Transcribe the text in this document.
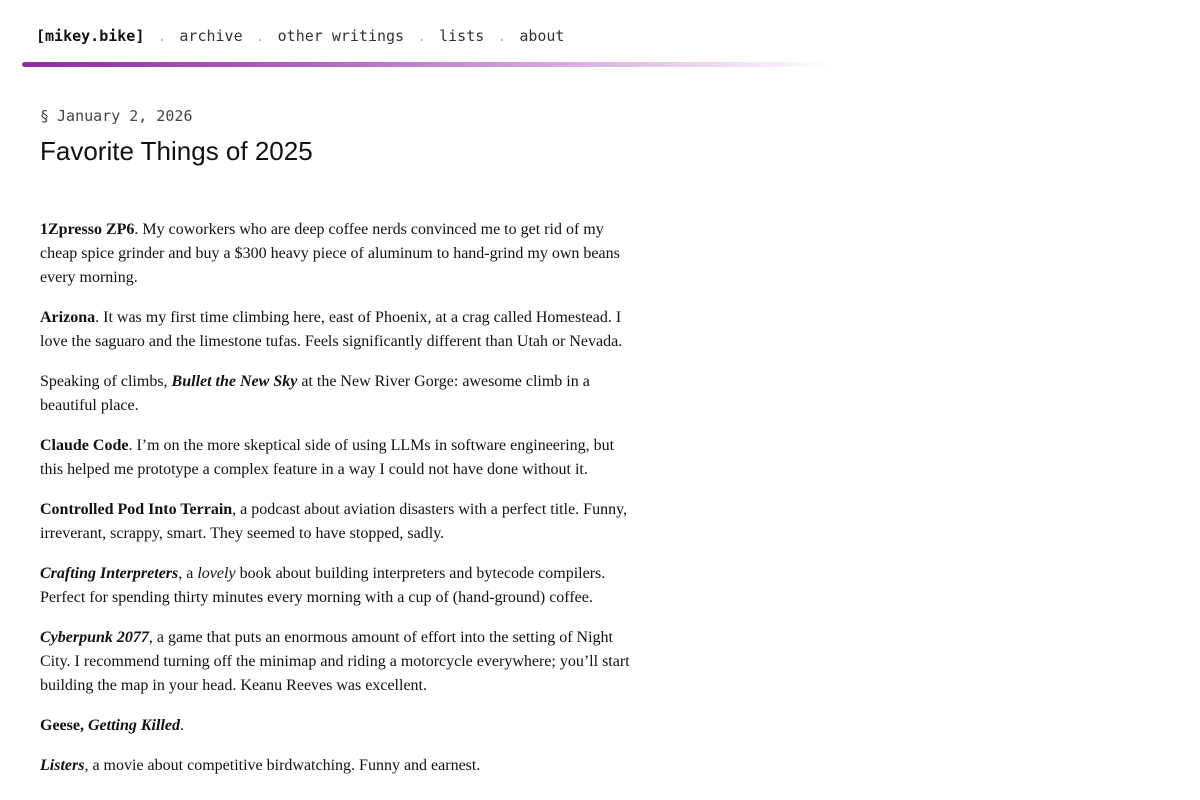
[mikey.bike] . archive . other writings . lists . about
§ January 2, 2026
Favorite Things of 2025

1Zpresso ZP6. My coworkers who are deep coffee nerds convinced me to get rid of my cheap spice grinder and buy a $300 heavy piece of aluminum to hand-grind my own beans every morning.

Arizona. It was my first time climbing here, east of Phoenix, at a crag called Homestead. I love the saguaro and the limestone tufas. Feels significantly different than Utah or Nevada.

Speaking of climbs, Bullet the New Sky at the New River Gorge: awesome climb in a beautiful place.

Claude Code. I’m on the more skeptical side of using LLMs in software engineering, but this helped me prototype a complex feature in a way I could not have done without it.

Controlled Pod Into Terrain, a podcast about aviation disasters with a perfect title. Funny, irreverant, scrappy, smart. They seemed to have stopped, sadly.

Crafting Interpreters, a lovely book about building interpreters and bytecode compilers. Perfect for spending thirty minutes every morning with a cup of (hand-ground) coffee.

Cyberpunk 2077, a game that puts an enormous amount of effort into the setting of Night City. I recommend turning off the minimap and riding a motorcycle everywhere; you’ll start building the map in your head. Keanu Reeves was excellent.

Geese, Getting Killed.

Listers, a movie about competitive birdwatching. Funny and earnest.
